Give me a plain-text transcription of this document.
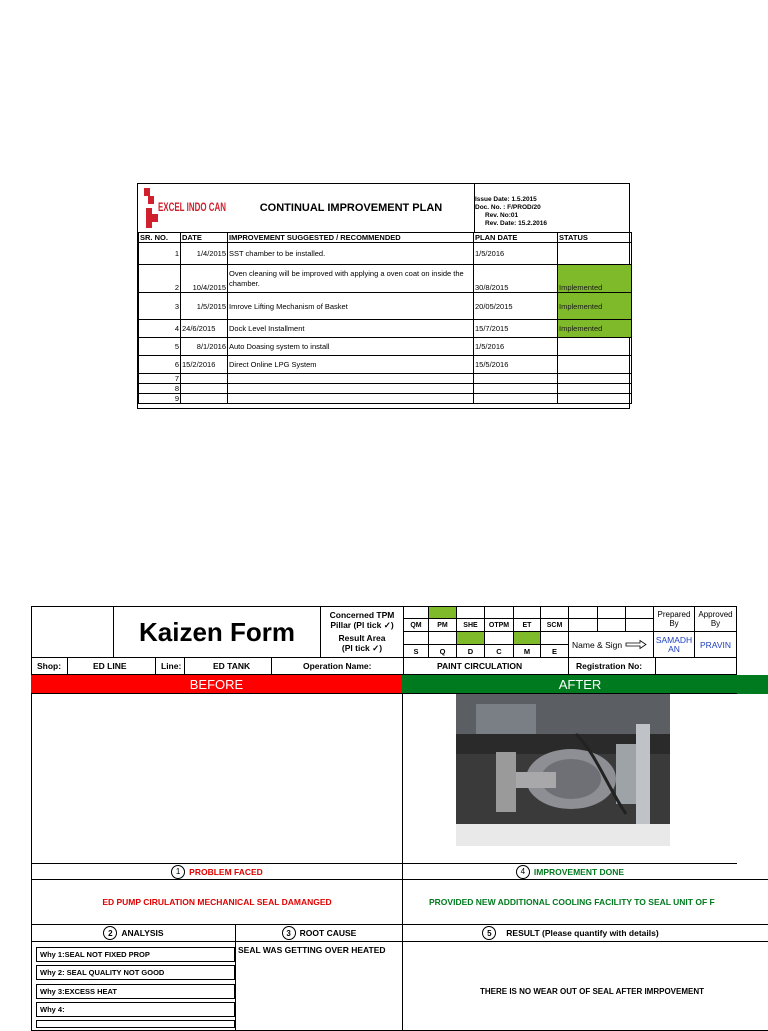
EXCEL INDO CAN	CONTINUAL IMPROVEMENT PLAN
Issue Date: 1.5.2015
Doc. No. : F/PROD/20
Rev. No:01
Rev. Date: 15.2.2016
SR. NO.	DATE	IMPROVEMENT SUGGESTED / RECOMMENDED	PLAN DATE	STATUS
1	1/4/2015	SST chamber to be installed.	1/5/2016	
2	10/4/2015	Oven cleaning will be improved with applying a oven coat on inside the chamber.	30/8/2015	Implemented
3	1/5/2015	Imrove Lifting Mechanism of Basket	20/05/2015	Implemented
4	24/6/2015	Dock Level Installment	15/7/2015	Implemented
5	8/1/2016	Auto Doasing system to install	1/5/2016	
6	15/2/2016	Direct Online LPG System	15/5/2016	
7				
8				
9				
Kaizen Form
Concerned TPM
Pillar (Pl tick ✓)
Result Area
(Pl tick ✓)
QM	PM	SHE	OTPM	ET	SCM
Name & Sign
S	Q	D	C	M	E
Prepared By
Approved By
SAMADHAN	PRAVIN
Shop:	ED LINE	Line:	ED TANK	Operation Name:	PAINT CIRCULATION	Registration No:
BEFORE	AFTER
1	PROBLEM FACED	4	IMPROVEMENT DONE
ED PUMP CIRULATION MECHANICAL SEAL DAMANGED	PROVIDED NEW ADDITIONAL COOLING FACILITY TO SEAL UNIT OF F
2	ANALYSIS	3	ROOT CAUSE	5	RESULT (Please quantify with details)
Why 1:SEAL NOT FIXED PROP
Why 2: SEAL QUALITY NOT GOOD
Why 3:EXCESS HEAT
Why 4:
SEAL WAS GETTING OVER HEATED
THERE IS NO WEAR OUT OF SEAL AFTER IMRPOVEMENT
